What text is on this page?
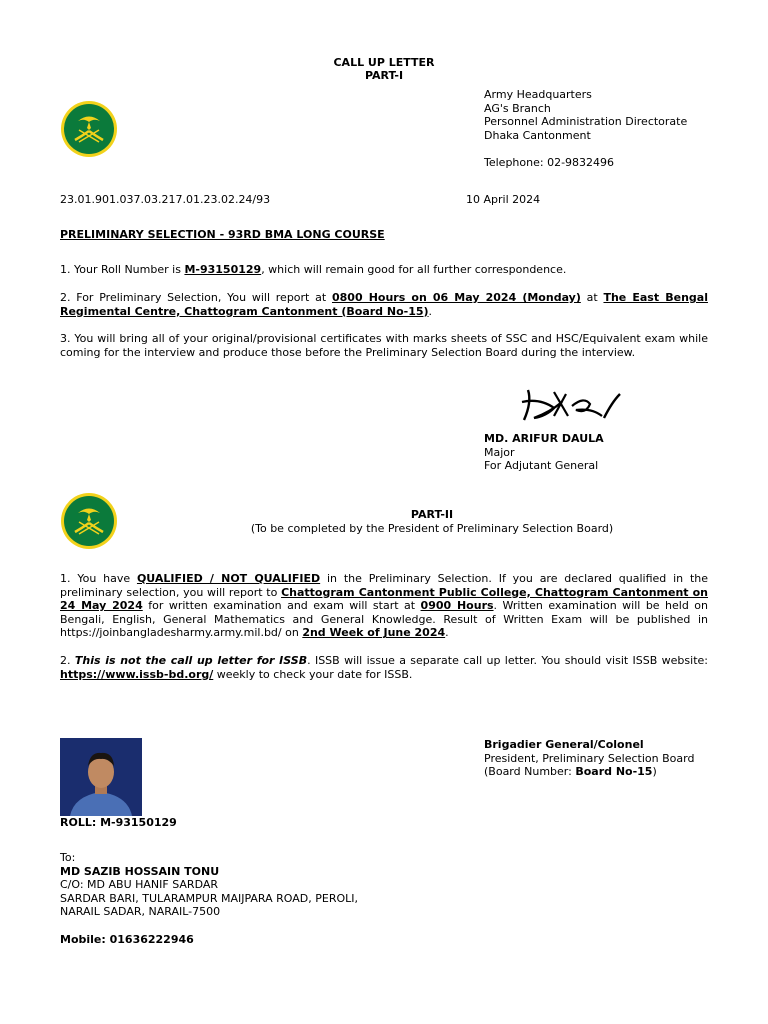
CALL UP LETTER
PART-I
Army Headquarters
AG's Branch
Personnel Administration Directorate
Dhaka Cantonment
Telephone: 02-9832496
23.01.901.037.03.217.01.23.02.24/93	10 April 2024
PRELIMINARY SELECTION - 93RD BMA LONG COURSE
1. Your Roll Number is M-93150129, which will remain good for all further correspondence.
2. For Preliminary Selection, You will report at 0800 Hours on 06 May 2024 (Monday) at The East Bengal Regimental Centre, Chattogram Cantonment (Board No-15).
3. You will bring all of your original/provisional certificates with marks sheets of SSC and HSC/Equivalent exam while coming for the interview and produce those before the Preliminary Selection Board during the interview.
MD. ARIFUR DAULA
Major
For Adjutant General
PART-II
(To be completed by the President of Preliminary Selection Board)
1. You have QUALIFIED / NOT QUALIFIED in the Preliminary Selection. If you are declared qualified in the preliminary selection, you will report to Chattogram Cantonment Public College, Chattogram Cantonment on 24 May 2024 for written examination and exam will start at 0900 Hours. Written examination will be held on Bengali, English, General Mathematics and General Knowledge. Result of Written Exam will be published in https://joinbangladesharmy.army.mil.bd/ on 2nd Week of June 2024.
2. This is not the call up letter for ISSB. ISSB will issue a separate call up letter. You should visit ISSB website: https://www.issb-bd.org/ weekly to check your date for ISSB.
Brigadier General/Colonel
President, Preliminary Selection Board
(Board Number: Board No-15)
ROLL: M-93150129
To:
MD SAZIB HOSSAIN TONU
C/O: MD ABU HANIF SARDAR
SARDAR BARI, TULARAMPUR MAIJPARA ROAD, PEROLI,
NARAIL SADAR, NARAIL-7500
Mobile: 01636222946
